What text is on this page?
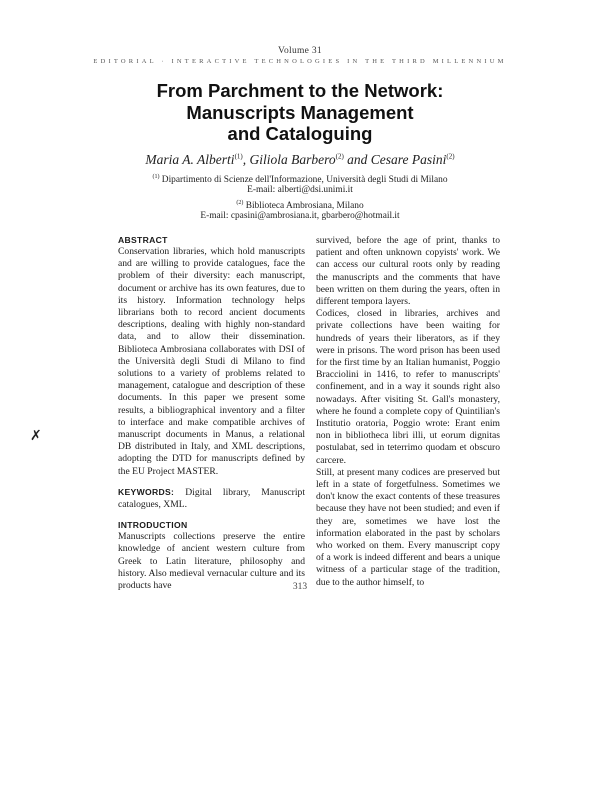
Volume 31
EDITORIAL · INTERACTIVE TECHNOLOGIES IN THE THIRD MILLENNIUM
From Parchment to the Network:
Manuscripts Management
and Cataloguing
Maria A. Alberti$^{(1)}$, Giliola Barbero$^{(2)}$ and Cesare Pasini$^{(2)}$
$^{(1)}$ Dipartimento di Scienze dell'Informazione, Università degli Studi di Milano
E-mail: alberti@dsi.unimi.it
$^{(2)}$ Biblioteca Ambrosiana, Milano
E-mail: cpasini@ambrosiana.it, gbarbero@hotmail.it
ABSTRACT

Conservation libraries, which hold manuscripts and are willing to provide catalogues, face the problem of their diversity: each manuscript, document or archive has its own features, due to its history. Information technology helps librarians both to record ancient documents descriptions, dealing with highly non-standard data, and to allow their dissemination. Biblioteca Ambrosiana collaborates with DSI of the Università degli Studi di Milano to find solutions to a variety of problems related to management, catalogue and description of these documents. In this paper we present some results, a bibliographical inventory and a filter to interface and make compatible archives of manuscript documents in Manus, a relational DB distributed in Italy, and XML descriptions, adopting the DTD for manuscripts defined by the EU Project MASTER.

KEYWORDS: Digital library, Manuscript catalogues, XML.

INTRODUCTION

Manuscripts collections preserve the entire knowledge of ancient western culture from Greek to Latin literature, philosophy and history. Also medieval vernacular culture and its products have

survived, before the age of print, thanks to patient and often unknown copyists' work. We can access our cultural roots only by reading the manuscripts and the comments that have been written on them during the years, often in different tempora layers.

Codices, closed in libraries, archives and private collections have been waiting for hundreds of years their liberators, as if they were in prisons. The word prison has been used for the first time by an Italian humanist, Poggio Bracciolini in 1416, to refer to manuscripts' confinement, and in a way it sounds right also nowadays. After visiting St. Gall's monastery, where he found a complete copy of Quintilian's Institutio oratoria, Poggio wrote: Erant enim non in bibliotheca libri illi, ut eorum dignitas postulabat, sed in teterrimo quodam et obscuro carcere.

Still, at present many codices are preserved but left in a state of forgetfulness. Sometimes we don't know the exact contents of these treasures because they have not been studied; and even if they are, sometimes we have lost the information elaborated in the past by scholars who worked on them. Every manuscript copy of a work is indeed different and bears a unique witness of a particular stage of the tradition, due to the author himself, to

✗
313
